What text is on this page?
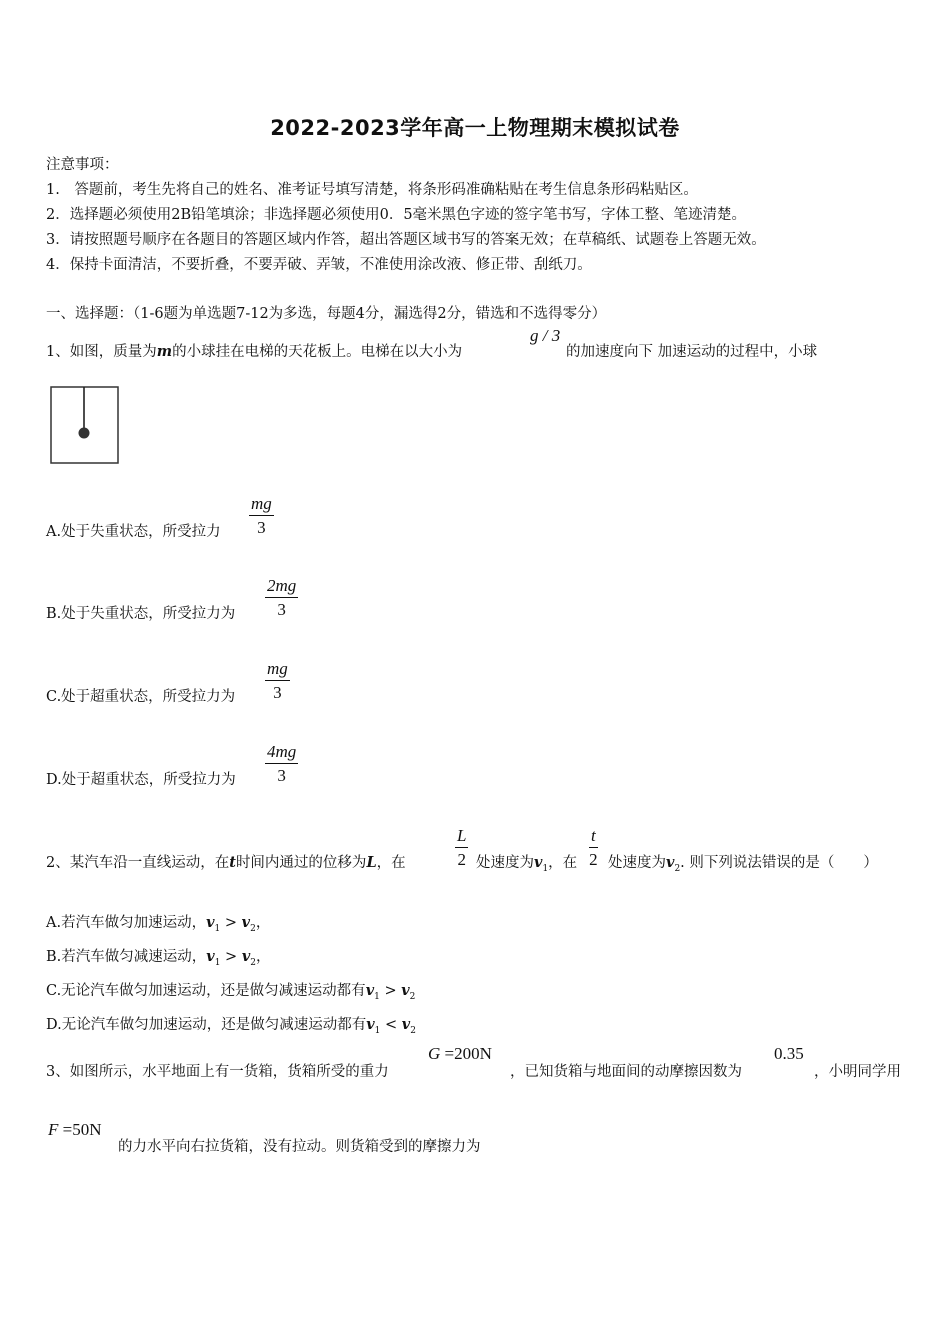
2022-2023学年高一上物理期末模拟试卷
注意事项：
1.　答题前，考生先将自己的姓名、准考证号填写清楚，将条形码准确粘贴在考生信息条形码粘贴区。
2．选择题必须使用2B铅笔填涂；非选择题必须使用0．5毫米黑色字迹的签字笔书写，字体工整、笔迹清楚。
3．请按照题号顺序在各题目的答题区域内作答，超出答题区域书写的答案无效；在草稿纸、试题卷上答题无效。
4．保持卡面清洁，不要折叠，不要弄破、弄皱，不准使用涂改液、修正带、刮纸刀。
一、选择题：（1-6题为单选题7-12为多选，每题4分，漏选得2分，错选和不选得零分）
1、如图，质量为m的小球挂在电梯的天花板上。电梯在以大小为
g / 3
的加速度向下 加速运动的过程中，小球
A.处于失重状态，所受拉力
mg
3
B.处于失重状态，所受拉力为
2mg
3
C.处于超重状态，所受拉力为
mg
3
D.处于超重状态，所受拉力为
4mg
3
2、某汽车沿一直线运动，在t时间内通过的位移为L，在
L
2 处速度为$v_1$，在
t
2 处速度为$v_2$. 则下列说法错误的是（　　）
A.若汽车做匀加速运动，$v_1 > v_2$，
B.若汽车做匀减速运动，$v_1 > v_2$，
C.无论汽车做匀加速运动，还是做匀减速运动都有$v_1 > v_2$
D.无论汽车做匀加速运动，还是做匀减速运动都有$v_1 < v_2$
3、如图所示，水平地面上有一货箱，货箱所受的重力
G =200N
，已知货箱与地面间的动摩擦因数为
0.35
，小明同学用
F =50N
的力水平向右拉货箱，没有拉动。则货箱受到的摩擦力为
